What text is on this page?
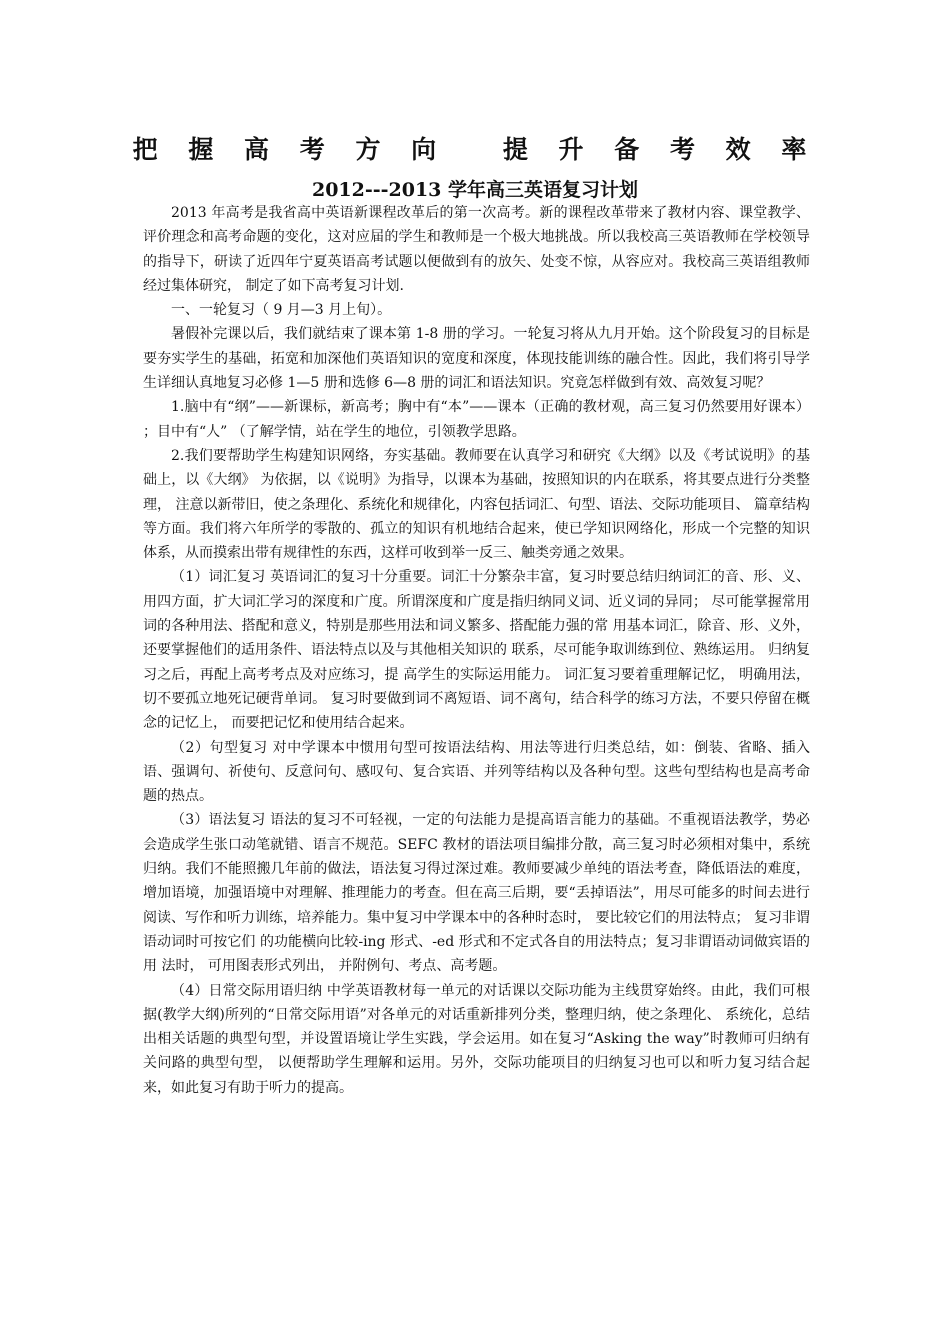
把 握 高 考 方 向　 提 升 备 考 效 率
2012---2013 学年高三英语复习计划

2013 年高考是我省高中英语新课程改革后的第一次高考。新的课程改革带来了教材内容、课堂教学、评价理念和高考命题的变化，这对应届的学生和教师是一个极大地挑战。所以我校高三英语教师在学校领导的指导下，研读了近四年宁夏英语高考试题以便做到有的放矢、处变不惊，从容应对。我校高三英语组教师经过集体研究， 制定了如下高考复习计划.

一、一轮复习（ 9 月—3 月上旬）。

暑假补完课以后，我们就结束了课本第 1-8 册的学习。一轮复习将从九月开始。这个阶段复习的目标是要夯实学生的基础，拓宽和加深他们英语知识的宽度和深度，体现技能训练的融合性。因此，我们将引导学生详细认真地复习必修 1—5 册和选修 6—8 册的词汇和语法知识。究竟怎样做到有效、高效复习呢？

1.脑中有“纲”——新课标，新高考；胸中有“本”——课本（正确的教材观，高三复习仍然要用好课本） ；目中有“人” （了解学情，站在学生的地位，引领教学思路。

2.我们要帮助学生构建知识网络，夯实基础。教师要在认真学习和研究《大纲》以及《考试说明》的基础上，以《大纲》 为依据，以《说明》为指导，以课本为基础，按照知识的内在联系，将其要点进行分类整理， 注意以新带旧，使之条理化、系统化和规律化，内容包括词汇、句型、语法、交际功能项目、 篇章结构等方面。我们将六年所学的零散的、孤立的知识有机地结合起来，使已学知识网络化，形成一个完整的知识体系，从而摸索出带有规律性的东西，这样可收到举一反三、触类旁通之效果。

（1）词汇复习 英语词汇的复习十分重要。词汇十分繁杂丰富，复习时要总结归纳词汇的音、形、义、 用四方面，扩大词汇学习的深度和广度。所谓深度和广度是指归纳同义词、近义词的异同； 尽可能掌握常用词的各种用法、搭配和意义，特别是那些用法和词义繁多、搭配能力强的常 用基本词汇，除音、形、义外，还要掌握他们的适用条件、语法特点以及与其他相关知识的 联系，尽可能争取训练到位、熟练运用。 归纳复习之后，再配上高考考点及对应练习，提 高学生的实际运用能力。 词汇复习要着重理解记忆， 明确用法， 切不要孤立地死记硬背单词。 复习时要做到词不离短语、词不离句，结合科学的练习方法，不要只停留在概念的记忆上， 而要把记忆和使用结合起来。

（2）句型复习 对中学课本中惯用句型可按语法结构、用法等进行归类总结，如：倒装、省略、插入 语、强调句、祈使句、反意问句、感叹句、复合宾语、并列等结构以及各种句型。这些句型结构也是高考命题的热点。

（3）语法复习 语法的复习不可轻视，一定的句法能力是提高语言能力的基础。不重视语法教学，势必会造成学生张口动笔就错、语言不规范。SEFC 教材的语法项目编排分散，高三复习时必须相对集中，系统归纳。我们不能照搬几年前的做法，语法复习得过深过难。教师要减少单纯的语法考查，降低语法的难度，增加语境，加强语境中对理解、推理能力的考查。但在高三后期，要“丢掉语法”，用尽可能多的时间去进行阅读、写作和听力训练，培养能力。集中复习中学课本中的各种时态时， 要比较它们的用法特点； 复习非谓语动词时可按它们 的功能横向比较-ing 形式、-ed 形式和不定式各自的用法特点；复习非谓语动词做宾语的用 法时， 可用图表形式列出， 并附例句、考点、高考题。

（4）日常交际用语归纳 中学英语教材每一单元的对话课以交际功能为主线贯穿始终。由此，我们可根据(教学大纲)所列的“日常交际用语”对各单元的对话重新排列分类，整理归纳，使之条理化、 系统化，总结出相关话题的典型句型，并设置语境让学生实践，学会运用。如在复习“Asking the way”时教师可归纳有关问路的典型句型， 以便帮助学生理解和运用。另外，交际功能项目的归纳复习也可以和听力复习结合起来，如此复习有助于听力的提高。
